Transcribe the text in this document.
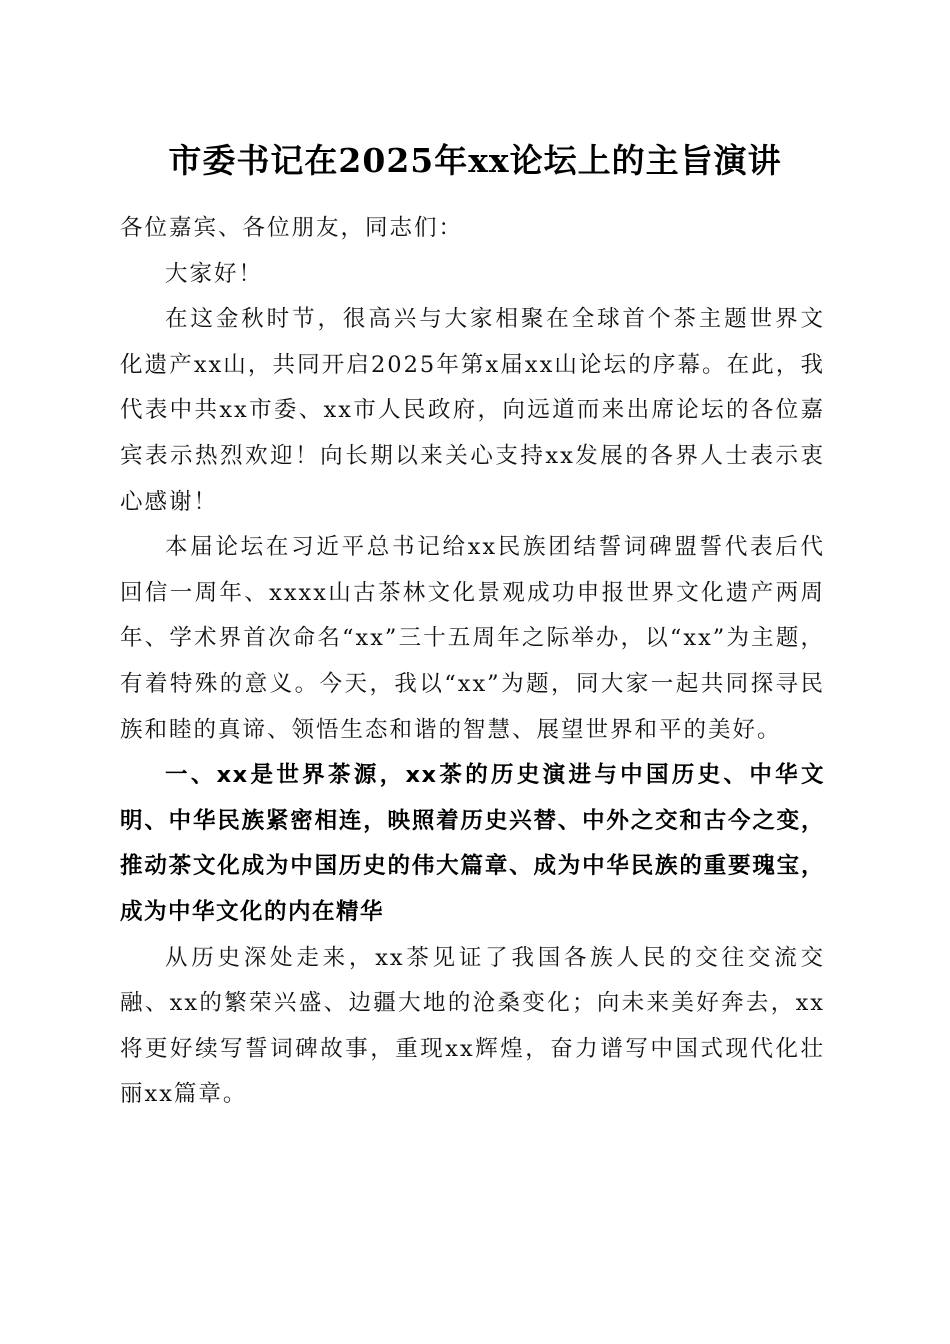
市委书记在2025年xx论坛上的主旨演讲

各位嘉宾、各位朋友，同志们：

大家好！

在这金秋时节，很高兴与大家相聚在全球首个茶主题世界文化遗产xx山，共同开启2025年第x届xx山论坛的序幕。在此，我代表中共xx市委、xx市人民政府，向远道而来出席论坛的各位嘉宾表示热烈欢迎！向长期以来关心支持xx发展的各界人士表示衷心感谢！

本届论坛在习近平总书记给xx民族团结誓词碑盟誓代表后代回信一周年、xxxx山古茶林文化景观成功申报世界文化遗产两周年、学术界首次命名“xx”三十五周年之际举办，以“xx”为主题，有着特殊的意义。今天，我以“xx”为题，同大家一起共同探寻民族和睦的真谛、领悟生态和谐的智慧、展望世界和平的美好。

一、xx是世界茶源，xx茶的历史演进与中国历史、中华文明、中华民族紧密相连，映照着历史兴替、中外之交和古今之变，推动茶文化成为中国历史的伟大篇章、成为中华民族的重要瑰宝，成为中华文化的内在精华

从历史深处走来，xx茶见证了我国各族人民的交往交流交融、xx的繁荣兴盛、边疆大地的沧桑变化；向未来美好奔去，xx将更好续写誓词碑故事，重现xx辉煌，奋力谱写中国式现代化壮丽xx篇章。
